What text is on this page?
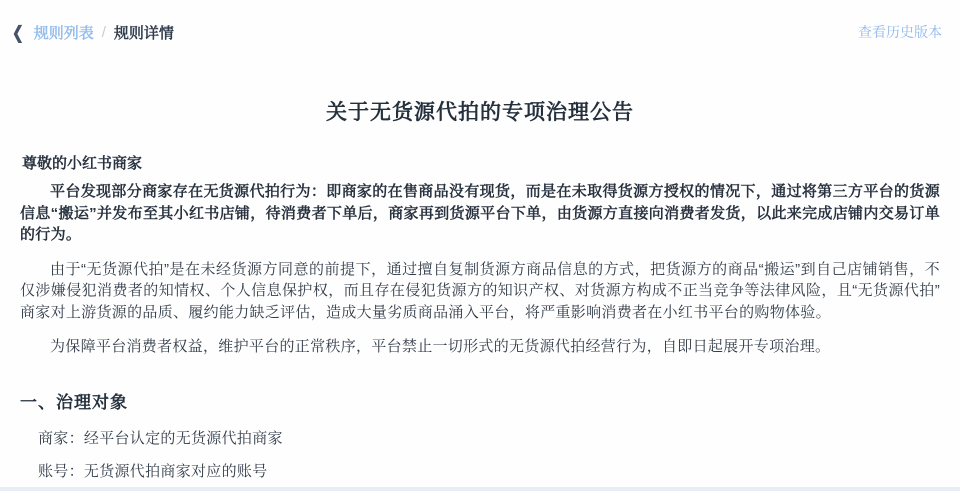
❮ 规则列表 / 规则详情	查看历史版本
关于无货源代拍的专项治理公告

尊敬的小红书商家

平台发现部分商家存在无货源代拍行为：即商家的在售商品没有现货，而是在未取得货源方授权的情况下，通过将第三方平台的货源信息“搬运”并发布至其小红书店铺，待消费者下单后，商家再到货源平台下单，由货源方直接向消费者发货，以此来完成店铺内交易订单的行为。

由于“无货源代拍”是在未经货源方同意的前提下，通过擅自复制货源方商品信息的方式，把货源方的商品“搬运”到自己店铺销售，不仅涉嫌侵犯消费者的知情权、个人信息保护权，而且存在侵犯货源方的知识产权、对货源方构成不正当竞争等法律风险，且“无货源代拍”商家对上游货源的品质、履约能力缺乏评估，造成大量劣质商品涌入平台，将严重影响消费者在小红书平台的购物体验。

为保障平台消费者权益，维护平台的正常秩序，平台禁止一切形式的无货源代拍经营行为，自即日起展开专项治理。

一、治理对象

商家：经平台认定的无货源代拍商家

账号：无货源代拍商家对应的账号
